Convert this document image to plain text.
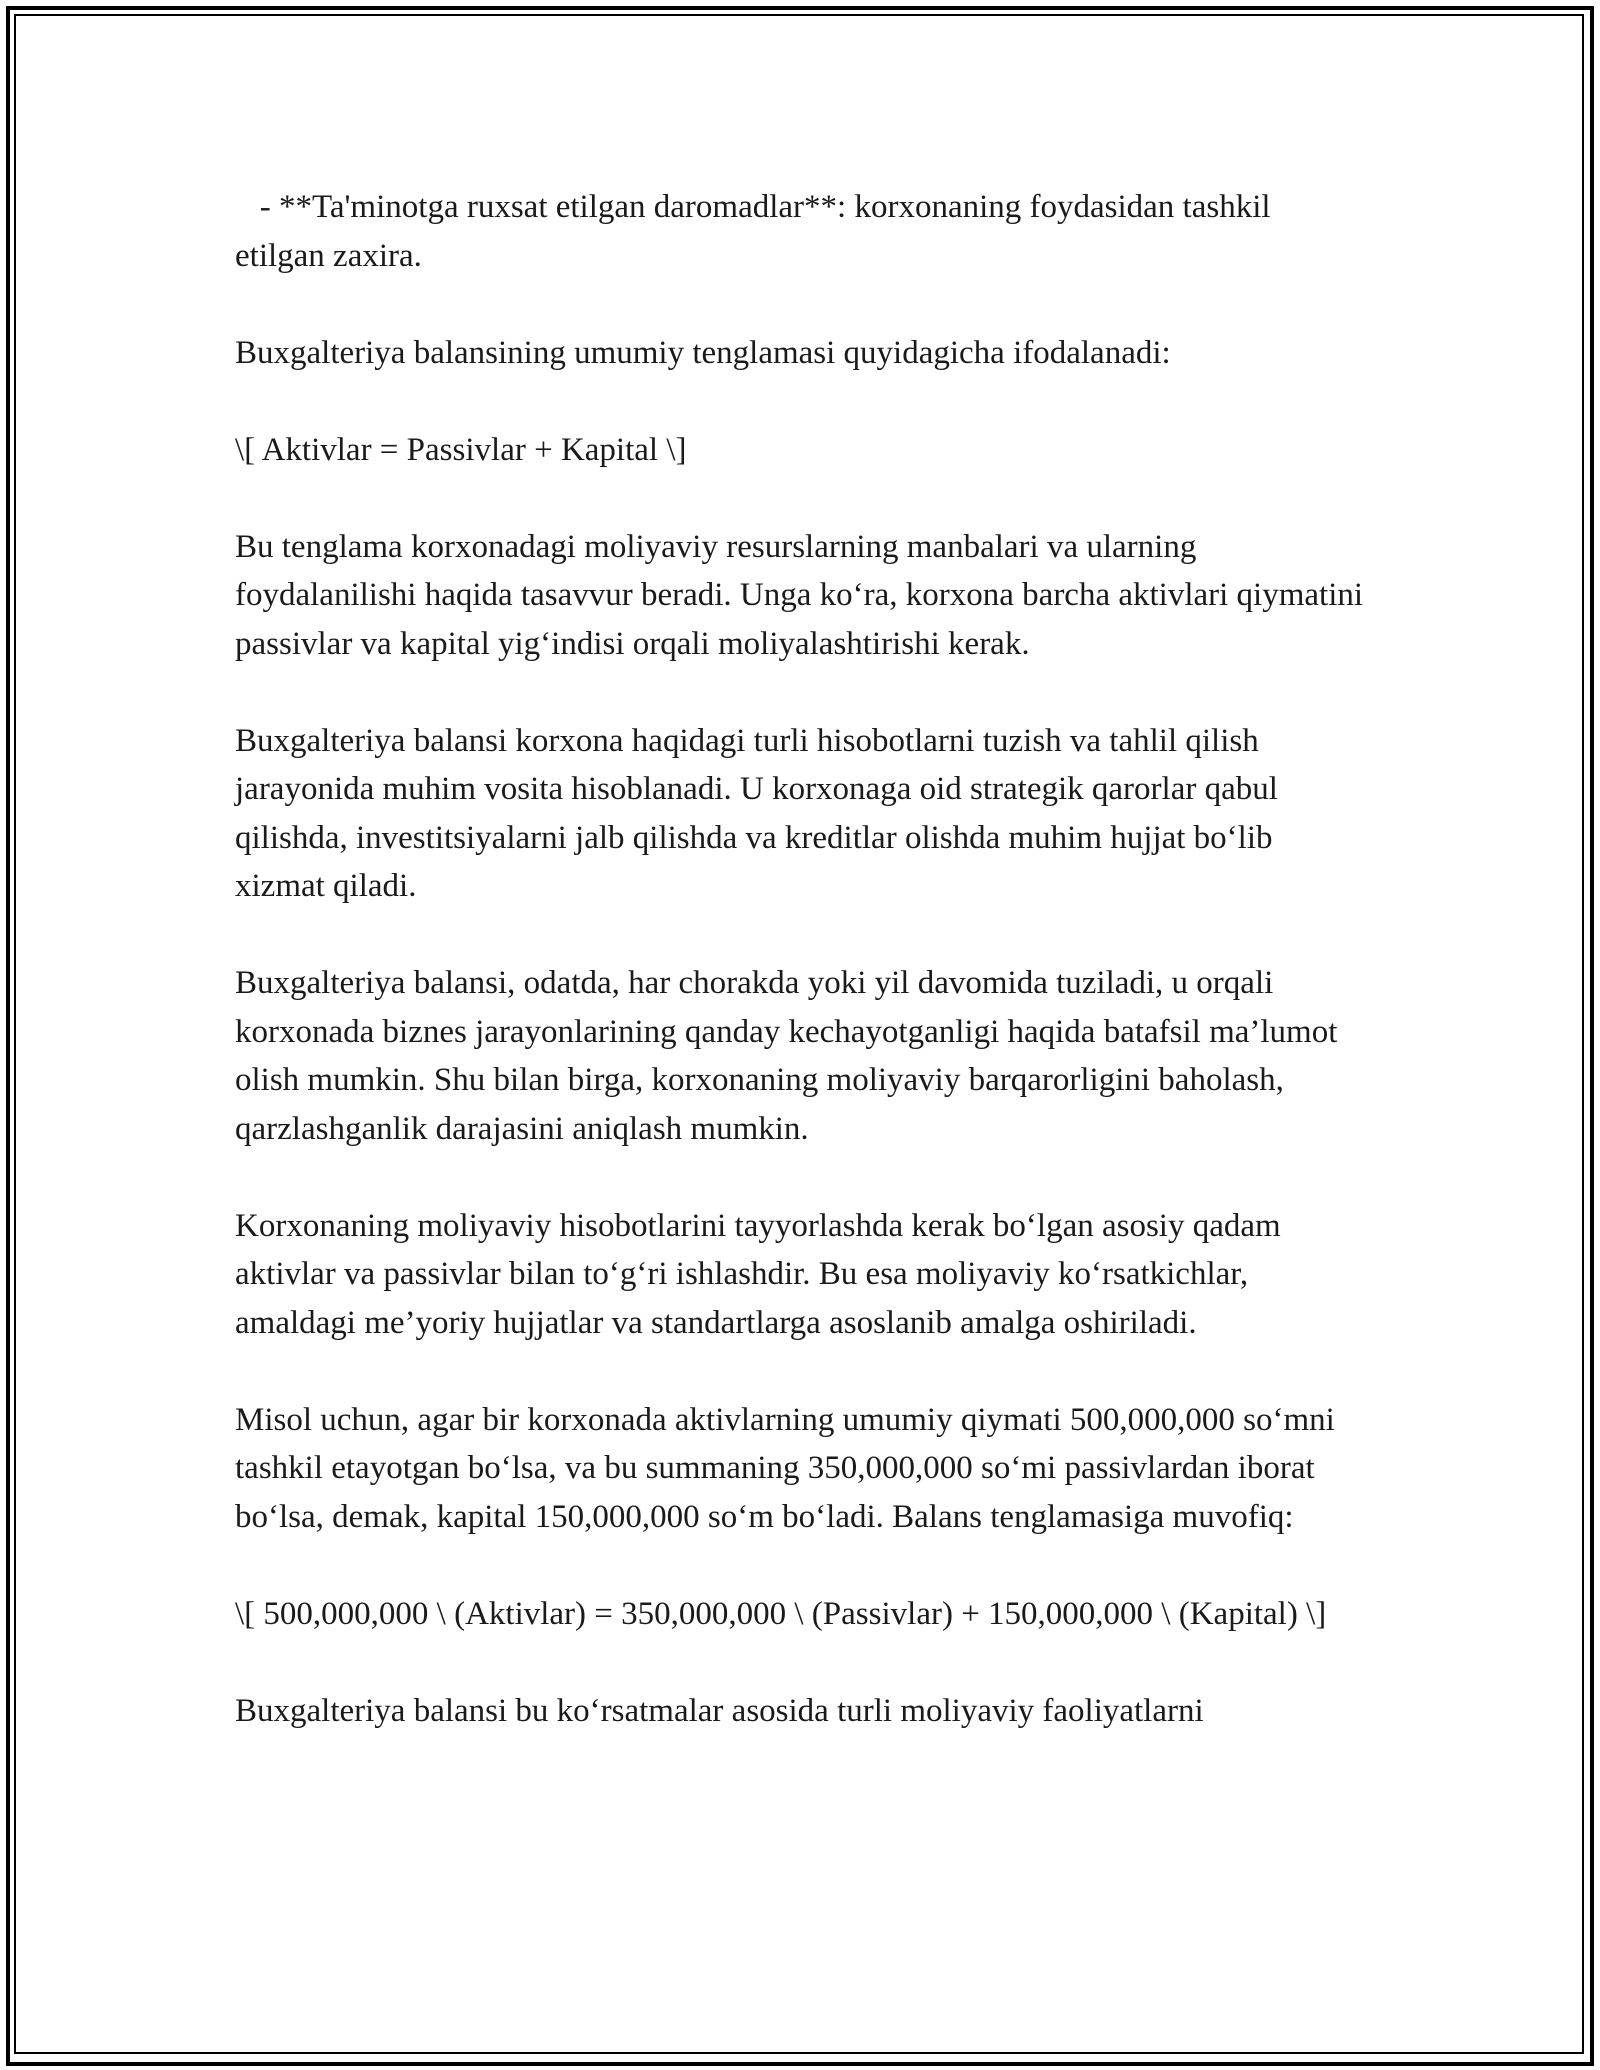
- **Ta'minotga ruxsat etilgan daromadlar**: korxonaning foydasidan tashkil etilgan zaxira.

Buxgalteriya balansining umumiy tenglamasi quyidagicha ifodalanadi:

\[ Aktivlar = Passivlar + Kapital \]

Bu tenglama korxonadagi moliyaviy resurslarning manbalari va ularning foydalanilishi haqida tasavvur beradi. Unga ko‘ra, korxona barcha aktivlari qiymatini passivlar va kapital yig‘indisi orqali moliyalashtirishi kerak.

Buxgalteriya balansi korxona haqidagi turli hisobotlarni tuzish va tahlil qilish jarayonida muhim vosita hisoblanadi. U korxonaga oid strategik qarorlar qabul qilishda, investitsiyalarni jalb qilishda va kreditlar olishda muhim hujjat bo‘lib xizmat qiladi.

Buxgalteriya balansi, odatda, har chorakda yoki yil davomida tuziladi, u orqali korxonada biznes jarayonlarining qanday kechayotganligi haqida batafsil ma’lumot olish mumkin. Shu bilan birga, korxonaning moliyaviy barqarorligini baholash, qarzlashganlik darajasini aniqlash mumkin.

Korxonaning moliyaviy hisobotlarini tayyorlashda kerak bo‘lgan asosiy qadam aktivlar va passivlar bilan to‘g‘ri ishlashdir. Bu esa moliyaviy ko‘rsatkichlar, amaldagi me’yoriy hujjatlar va standartlarga asoslanib amalga oshiriladi.

Misol uchun, agar bir korxonada aktivlarning umumiy qiymati 500,000,000 so‘mni tashkil etayotgan bo‘lsa, va bu summaning 350,000,000 so‘mi passivlardan iborat bo‘lsa, demak, kapital 150,000,000 so‘m bo‘ladi. Balans tenglamasiga muvofiq:

\[ 500,000,000 \ (Aktivlar) = 350,000,000 \ (Passivlar) + 150,000,000 \ (Kapital) \]

Buxgalteriya balansi bu ko‘rsatmalar asosida turli moliyaviy faoliyatlarni
